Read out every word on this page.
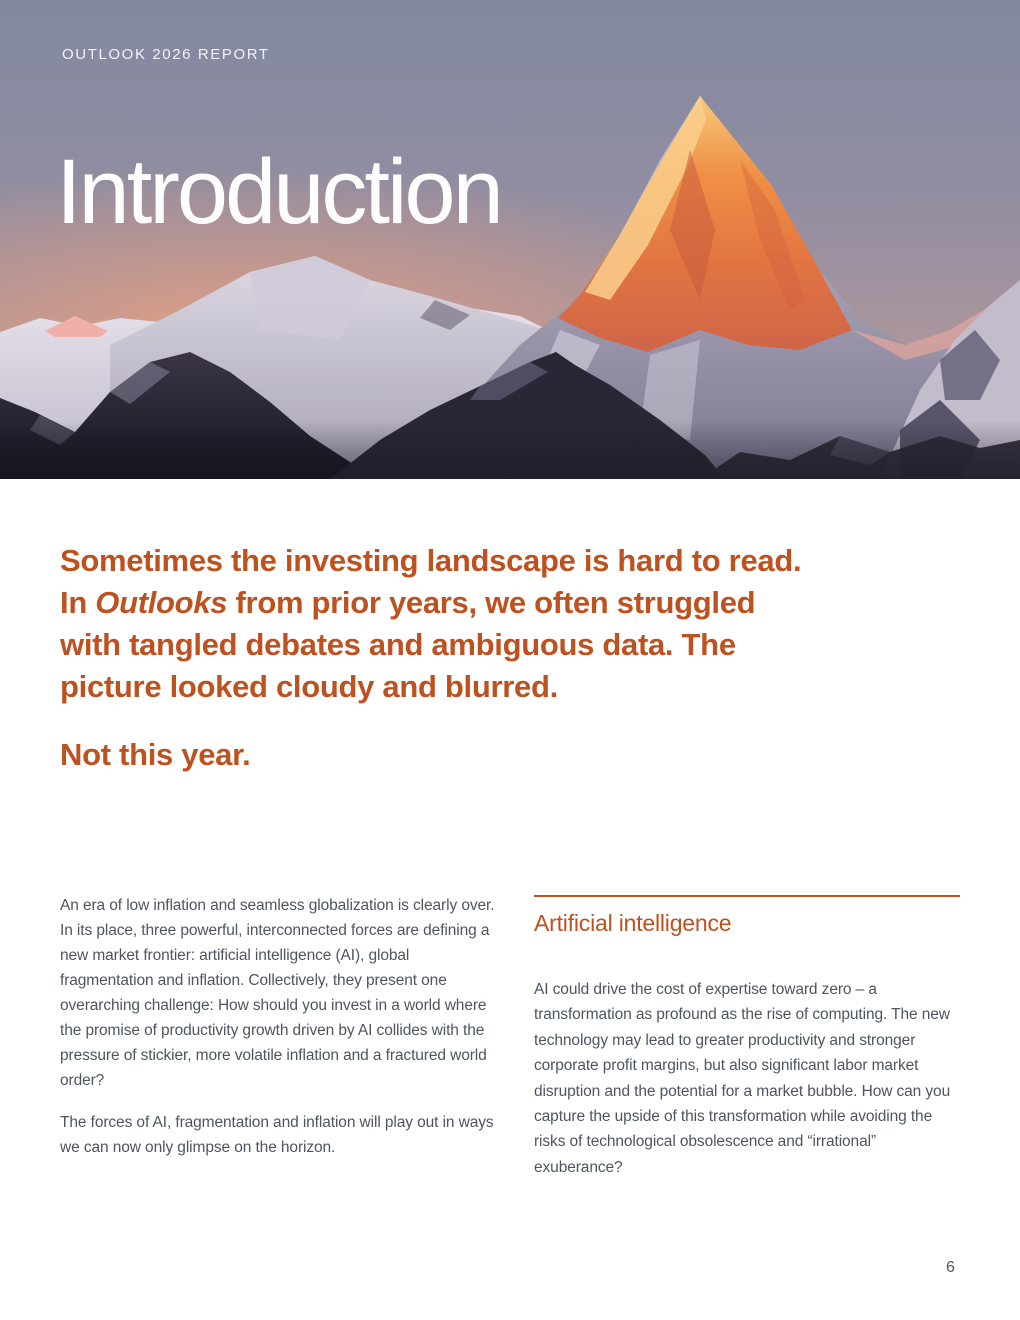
OUTLOOK 2026 REPORT
Introduction
Sometimes the investing landscape is hard to read.
In Outlooks from prior years, we often struggled
with tangled debates and ambiguous data. The
picture looked cloudy and blurred.
Not this year.

An era of low inflation and seamless globalization is clearly over. In its place, three powerful, interconnected forces are defining a new market frontier: artificial intelligence (AI), global fragmentation and inflation. Collectively, they present one overarching challenge: How should you invest in a world where the promise of productivity growth driven by AI collides with the pressure of stickier, more volatile inflation and a fractured world order?

The forces of AI, fragmentation and inflation will play out in ways we can now only glimpse on the horizon.

Artificial intelligence

AI could drive the cost of expertise toward zero – a transformation as profound as the rise of computing. The new technology may lead to greater productivity and stronger corporate profit margins, but also significant labor market disruption and the potential for a market bubble. How can you capture the upside of this transformation while avoiding the risks of technological obsolescence and “irrational” exuberance?

6
